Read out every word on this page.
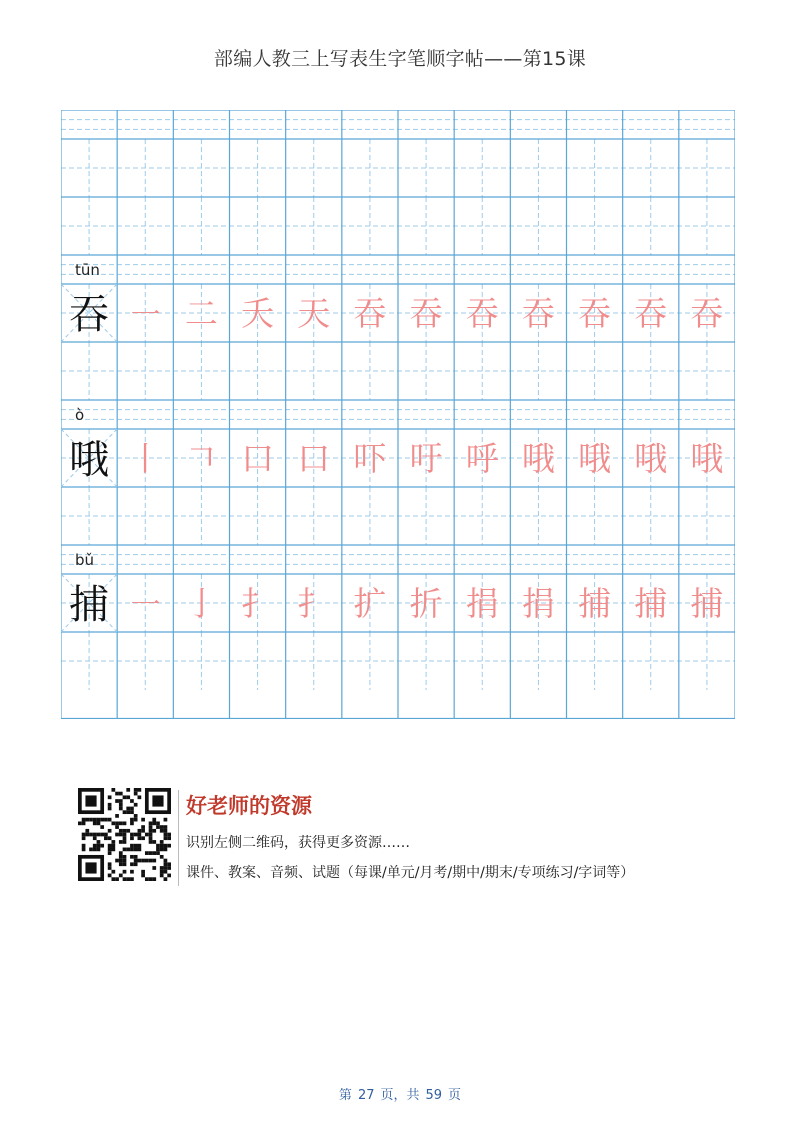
部编人教三上写表生字笔顺字帖——第15课
tūn
吞 ㇐ 二 夭 天 吞 吞 吞 吞 吞 吞 吞
ò
哦 丨 𠃍 口 口 吓 吁 呼 哦 哦 哦 哦
bǔ
捕 ㇐ 亅 扌 扌 扩 折 捐 捐 捕 捕 捕
好老师的资源
识别左侧二维码，获得更多资源……
课件、教案、音频、试题（每课/单元/月考/期中/期末/专项练习/字词等）
第 27 页，共 59 页
